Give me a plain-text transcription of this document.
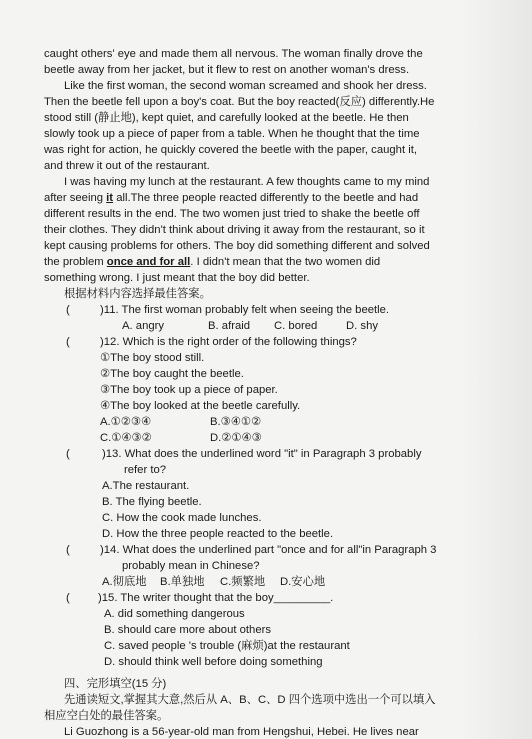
caught others' eye and made them all nervous. The woman finally drove the
beetle away from her jacket, but it flew to rest on another woman's dress.
Like the first woman, the second woman screamed and shook her dress.
Then the beetle fell upon a boy's coat. But the boy reacted(反应) differently.He
stood still (静止地), kept quiet, and carefully looked at the beetle. He then
slowly took up a piece of paper from a table. When he thought that the time
was right for action, he quickly covered the beetle with the paper, caught it,
and threw it out of the restaurant.
I was having my lunch at the restaurant. A few thoughts came to my mind
after seeing it all.The three people reacted differently to the beetle and had
different results in the end. The two women just tried to shake the beetle off
their clothes. They didn't think about driving it away from the restaurant, so it
kept causing problems for others. The boy did something different and solved
the problem once and for all. I didn't mean that the two women did
something wrong. I just meant that the boy did better.
根据材料内容选择最佳答案。
(	)11. The first woman probably felt when seeing the beetle.
A. angry	B. afraid C. bored	D. shy
(	)12. Which is the right order of the following things?
①The boy stood still.
②The boy caught the beetle.
③The boy took up a piece of paper.
④The boy looked at the beetle carefully.
A.①②③④	B.③④①②
C.①④③②	D.②①④③
(	)13. What does the underlined word "it" in Paragraph 3 probably
refer to?
A.The restaurant.
B. The flying beetle.
C. How the cook made lunches.
D. How the three people reacted to the beetle.
(	)14. What does the underlined part "once and for all"in Paragraph 3
probably mean in Chinese?
A.彻底地 B.单独地 C.频繁地 D.安心地
( )15. The writer thought that the boy_________.
A. did something dangerous
B. should care more about others
C. saved people 's trouble (麻烦)at the restaurant
D. should think well before doing something
四、完形填空(15 分)
先通读短文,掌握其大意,然后从 A、B、C、D 四个选项中选出一个可以填入
相应空白处的最佳答案。
Li Guozhong is a 56-year-old man from Hengshui, Hebei. He lives near
